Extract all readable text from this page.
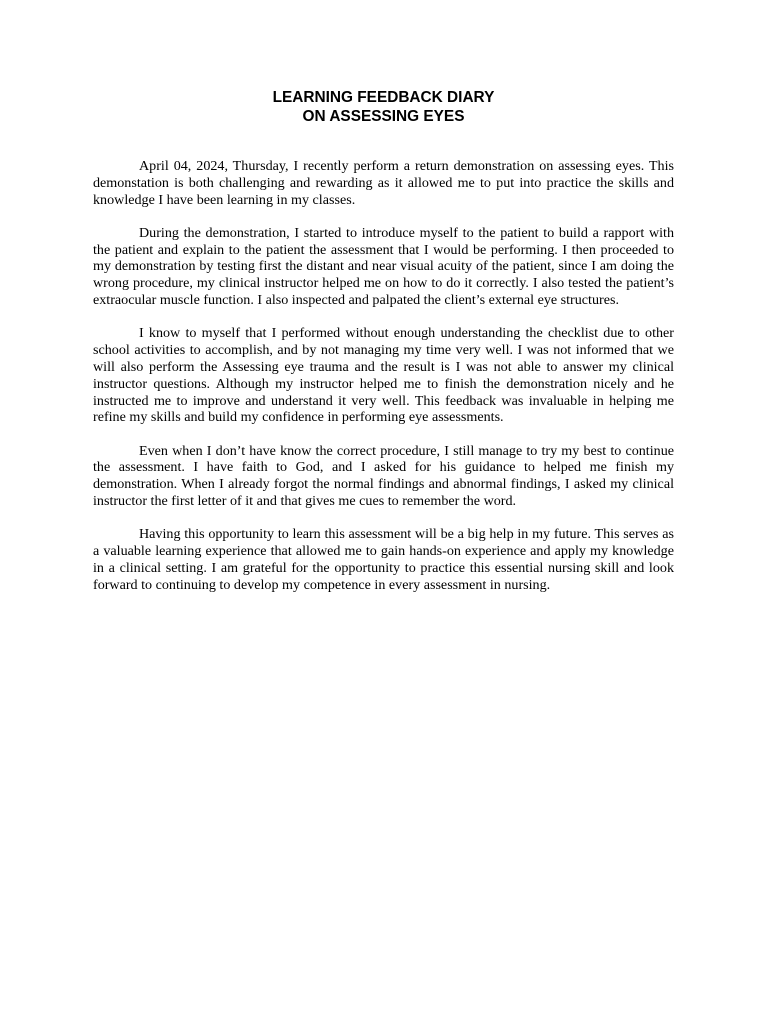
LEARNING FEEDBACK DIARY
ON ASSESSING EYES

April 04, 2024, Thursday, I recently perform a return demonstration on assessing eyes. This demonstation is both challenging and rewarding as it allowed me to put into practice the skills and knowledge I have been learning in my classes.

During the demonstration, I started to introduce myself to the patient to build a rapport with the patient and explain to the patient the assessment that I would be performing. I then proceeded to my demonstration by testing first the distant and near visual acuity of the patient, since I am doing the wrong procedure, my clinical instructor helped me on how to do it correctly. I also tested the patient’s extraocular muscle function. I also inspected and palpated the client’s external eye structures.

I know to myself that I performed without enough understanding the checklist due to other school activities to accomplish, and by not managing my time very well. I was not informed that we will also perform the Assessing eye trauma and the result is I was not able to answer my clinical instructor questions. Although my instructor helped me to finish the demonstration nicely and he instructed me to improve and understand it very well. This feedback was invaluable in helping me refine my skills and build my confidence in performing eye assessments.

Even when I don’t have know the correct procedure, I still manage to try my best to continue the assessment. I have faith to God, and I asked for his guidance to helped me finish my demonstration. When I already forgot the normal findings and abnormal findings, I asked my clinical instructor the first letter of it and that gives me cues to remember the word.

Having this opportunity to learn this assessment will be a big help in my future. This serves as a valuable learning experience that allowed me to gain hands-on experience and apply my knowledge in a clinical setting. I am grateful for the opportunity to practice this essential nursing skill and look forward to continuing to develop my competence in every assessment in nursing.
